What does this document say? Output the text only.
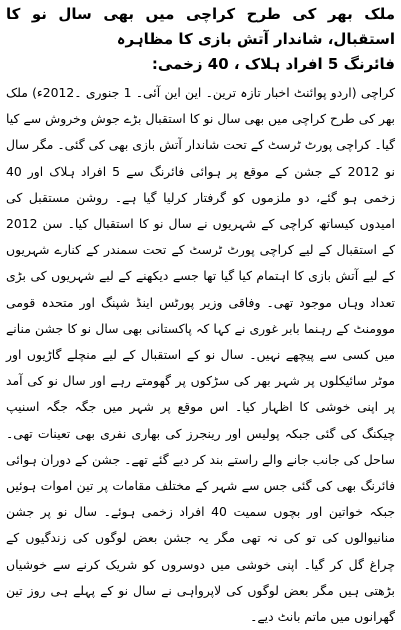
ملک بھر کی طرح کراچی میں بھی سال نو کا استقبال، شاندار آتش بازی کا مظاہرہ
فائرنگ 5 افراد ہلاک ، 40 زخمی:

کراچی (اردو پوائنٹ اخبار تازہ ترین۔ این این آئی۔ 1 جنوری ۔2012ء) ملک بھر کی طرح کراچی میں بھی سال نو کا استقبال بڑے جوش وخروش سے کیا گیا۔ کراچی پورٹ ٹرسٹ کے تحت شاندار آتش بازی بھی کی گئی۔ مگر سال نو 2012 کے جشن کے موقع پر ہوائی فائرنگ سے 5 افراد ہلاک اور 40 زخمی ہو گئے، دو ملزموں کو گرفتار کرلیا گیا ہے۔ روشن مستقبل کی امیدوں کیساتھ کراچی کے شہریوں نے سال نو کا استقبال کیا۔ سن 2012 کے استقبال کے لیے کراچی پورٹ ٹرسٹ کے تحت سمندر کے کنارے شہریوں کے لیے آتش بازی کا اہتمام کیا گیا تھا جسے دیکھنے کے لیے شہریوں کی بڑی تعداد وہاں موجود تھی۔ وفاقی وزیر پورٹس اینڈ شپنگ اور متحدہ قومی موومنٹ کے رہنما بابر غوری نے کہا کہ پاکستانی بھی سال نو کا جشن منانے میں کسی سے پیچھے نہیں۔ سال نو کے استقبال کے لیے منچلے گاڑیوں اور موٹر سائیکلوں پر شہر بھر کی سڑکوں پر گھومتے رہے اور سال نو کی آمد پر اپنی خوشی کا اظہار کیا۔ اس موقع پر شہر میں جگہ جگہ اسنیپ چیکنگ کی گئی جبکہ پولیس اور رینجرز کی بھاری نفری بھی تعینات تھی۔ ساحل کی جانب جانے والے راستے بند کر دیے گئے تھے۔ جشن کے دوران ہوائی فائرنگ بھی کی گئی جس سے شہر کے مختلف مقامات پر تین اموات ہوئیں جبکہ خواتین اور بچوں سمیت 40 افراد زخمی ہوئے۔ سال نو پر جشن منانیوالوں کی تو کی نہ تھی مگر یہ جشن بعض لوگوں کی زندگیوں کے چراغ گل کر گیا۔ اپنی خوشی میں دوسروں کو شریک کرنے سے خوشیاں بڑھتی ہیں مگر بعض لوگوں کی لاپرواہی نے سال نو کے پہلے ہی روز تین گھرانوں میں ماتم بانٹ دیے۔
